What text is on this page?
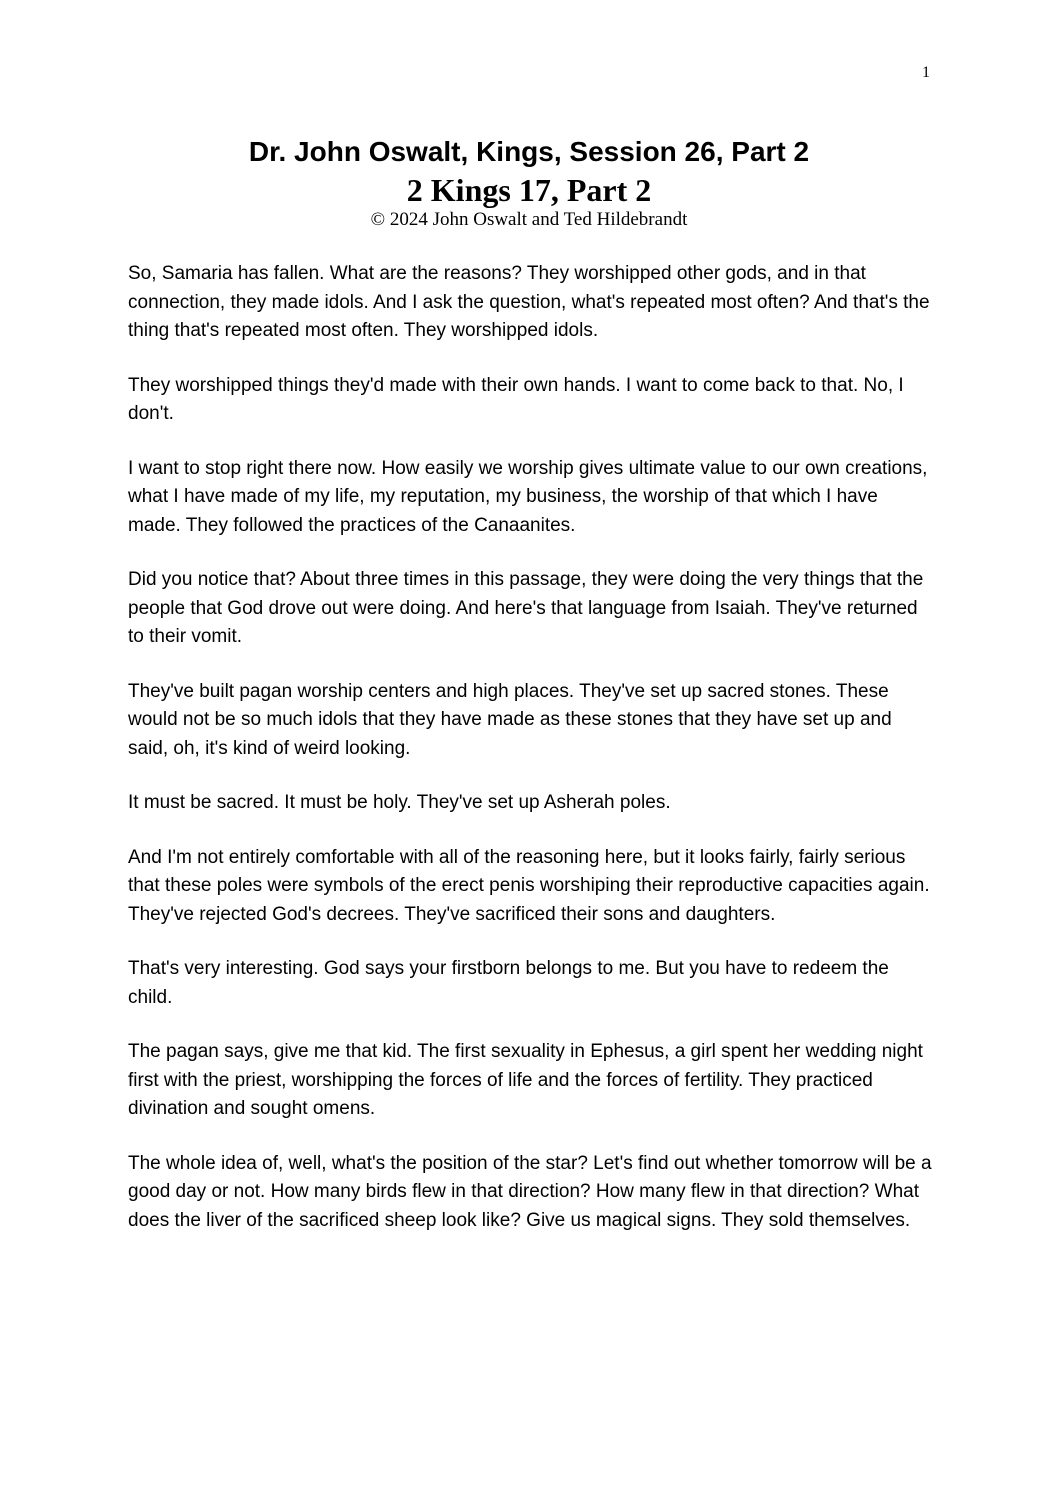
1
Dr. John Oswalt, Kings, Session 26, Part 2
2 Kings 17, Part 2

© 2024 John Oswalt and Ted Hildebrandt

So, Samaria has fallen. What are the reasons? They worshipped other gods, and in that connection, they made idols. And I ask the question, what's repeated most often? And that's the thing that's repeated most often. They worshipped idols.

They worshipped things they'd made with their own hands. I want to come back to that. No, I don't.

I want to stop right there now. How easily we worship gives ultimate value to our own creations, what I have made of my life, my reputation, my business, the worship of that which I have made. They followed the practices of the Canaanites.

Did you notice that? About three times in this passage, they were doing the very things that the people that God drove out were doing. And here's that language from Isaiah. They've returned to their vomit.

They've built pagan worship centers and high places. They've set up sacred stones. These would not be so much idols that they have made as these stones that they have set up and said, oh, it's kind of weird looking.

It must be sacred. It must be holy. They've set up Asherah poles.

And I'm not entirely comfortable with all of the reasoning here, but it looks fairly, fairly serious that these poles were symbols of the erect penis worshiping their reproductive capacities again. They've rejected God's decrees. They've sacrificed their sons and daughters.

That's very interesting. God says your firstborn belongs to me. But you have to redeem the child.

The pagan says, give me that kid. The first sexuality in Ephesus, a girl spent her wedding night first with the priest, worshipping the forces of life and the forces of fertility. They practiced divination and sought omens.

The whole idea of, well, what's the position of the star? Let's find out whether tomorrow will be a good day or not. How many birds flew in that direction? How many flew in that direction? What does the liver of the sacrificed sheep look like? Give us magical signs. They sold themselves.
